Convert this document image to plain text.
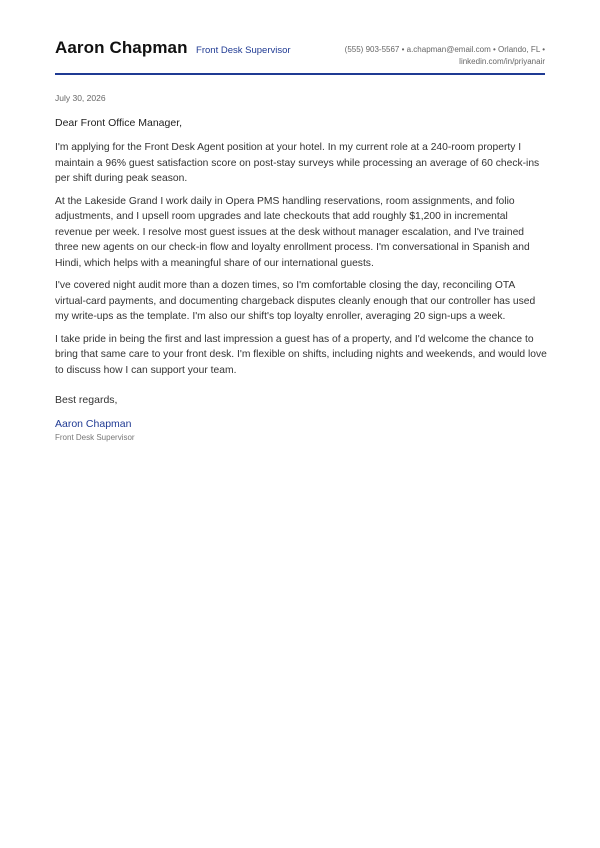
Aaron Chapman Front Desk Supervisor	(555) 903-5567 • a.chapman@email.com • Orlando, FL •
linkedin.com/in/priyanair
July 30, 2026
Dear Front Office Manager,

I'm applying for the Front Desk Agent position at your hotel. In my current role at a 240-room property I maintain a 96% guest satisfaction score on post-stay surveys while processing an average of 60 check-ins per shift during peak season.

At the Lakeside Grand I work daily in Opera PMS handling reservations, room assignments, and folio adjustments, and I upsell room upgrades and late checkouts that add roughly $1,200 in incremental revenue per week. I resolve most guest issues at the desk without manager escalation, and I've trained three new agents on our check-in flow and loyalty enrollment process. I'm conversational in Spanish and Hindi, which helps with a meaningful share of our international guests.

I've covered night audit more than a dozen times, so I'm comfortable closing the day, reconciling OTA virtual-card payments, and documenting chargeback disputes cleanly enough that our controller has used my write-ups as the template. I'm also our shift's top loyalty enroller, averaging 20 sign-ups a week.

I take pride in being the first and last impression a guest has of a property, and I'd welcome the chance to bring that same care to your front desk. I'm flexible on shifts, including nights and weekends, and would love to discuss how I can support your team.

Best regards,
Aaron Chapman
Front Desk Supervisor
